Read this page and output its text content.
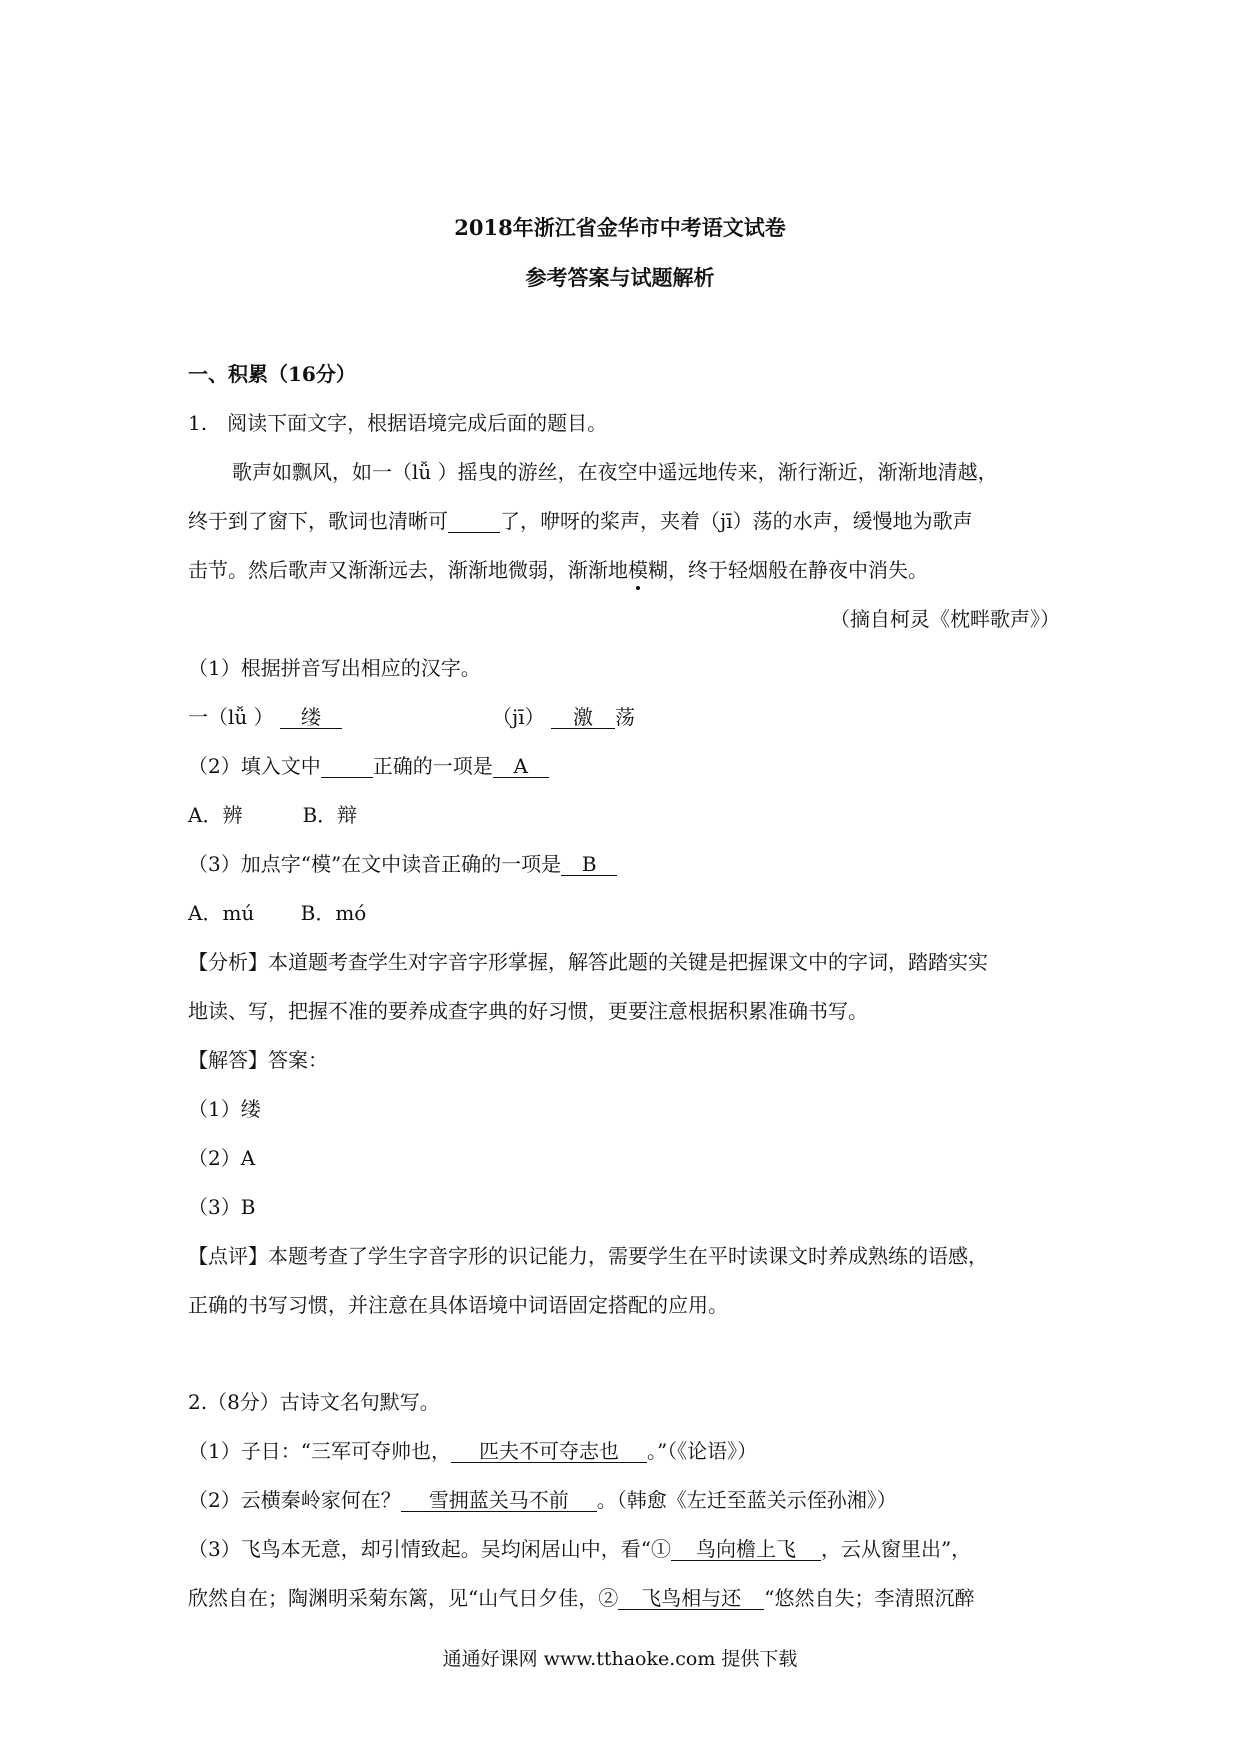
2018年浙江省金华市中考语文试卷
参考答案与试题解析
一、积累（16分）
1.　阅读下面文字，根据语境完成后面的题目。
歌声如飘风，如一（lǚ ）摇曳的游丝，在夜空中遥远地传来，渐行渐近，渐渐地清越，
终于到了窗下，歌词也清晰可	了，咿呀的桨声，夹着（jī）荡的水声，缓慢地为歌声
击节。然后歌声又渐渐远去，渐渐地微弱，渐渐地模糊，终于轻烟般在静夜中消失。
（摘自柯灵《枕畔歌声》）
（1）根据拼音写出相应的汉字。
一（lǚ ） 缕	（jī） 激 荡
（2）填入文中	正确的一项是 A
A．辨　　　B．辩
（3）加点字“模”在文中读音正确的一项是 B
A．mú　　 B．mó
【分析】本道题考查学生对字音字形掌握，解答此题的关键是把握课文中的字词，踏踏实实
地读、写，把握不准的要养成查字典的好习惯，更要注意根据积累准确书写。
【解答】答案：
（1）缕
（2）A
（3）B
【点评】本题考查了学生字音字形的识记能力，需要学生在平时读课文时养成熟练的语感，
正确的书写习惯，并注意在具体语境中词语固定搭配的应用。
2.（8分）古诗文名句默写。
（1）子日：“三军可夺帅也， 匹夫不可夺志也 。”（《论语》）
（2）云横秦岭家何在？ 雪拥蓝关马不前 。（韩愈《左迁至蓝关示侄孙湘》）
（3）飞鸟本无意，却引情致起。吴均闲居山中，看“① 鸟向檐上飞 ，云从窗里出”，
欣然自在；陶渊明采菊东篱，见“山气日夕佳，② 飞鸟相与还 “悠然自失；李清照沉醉
通通好课网 www.tthaoke.com 提供下载
